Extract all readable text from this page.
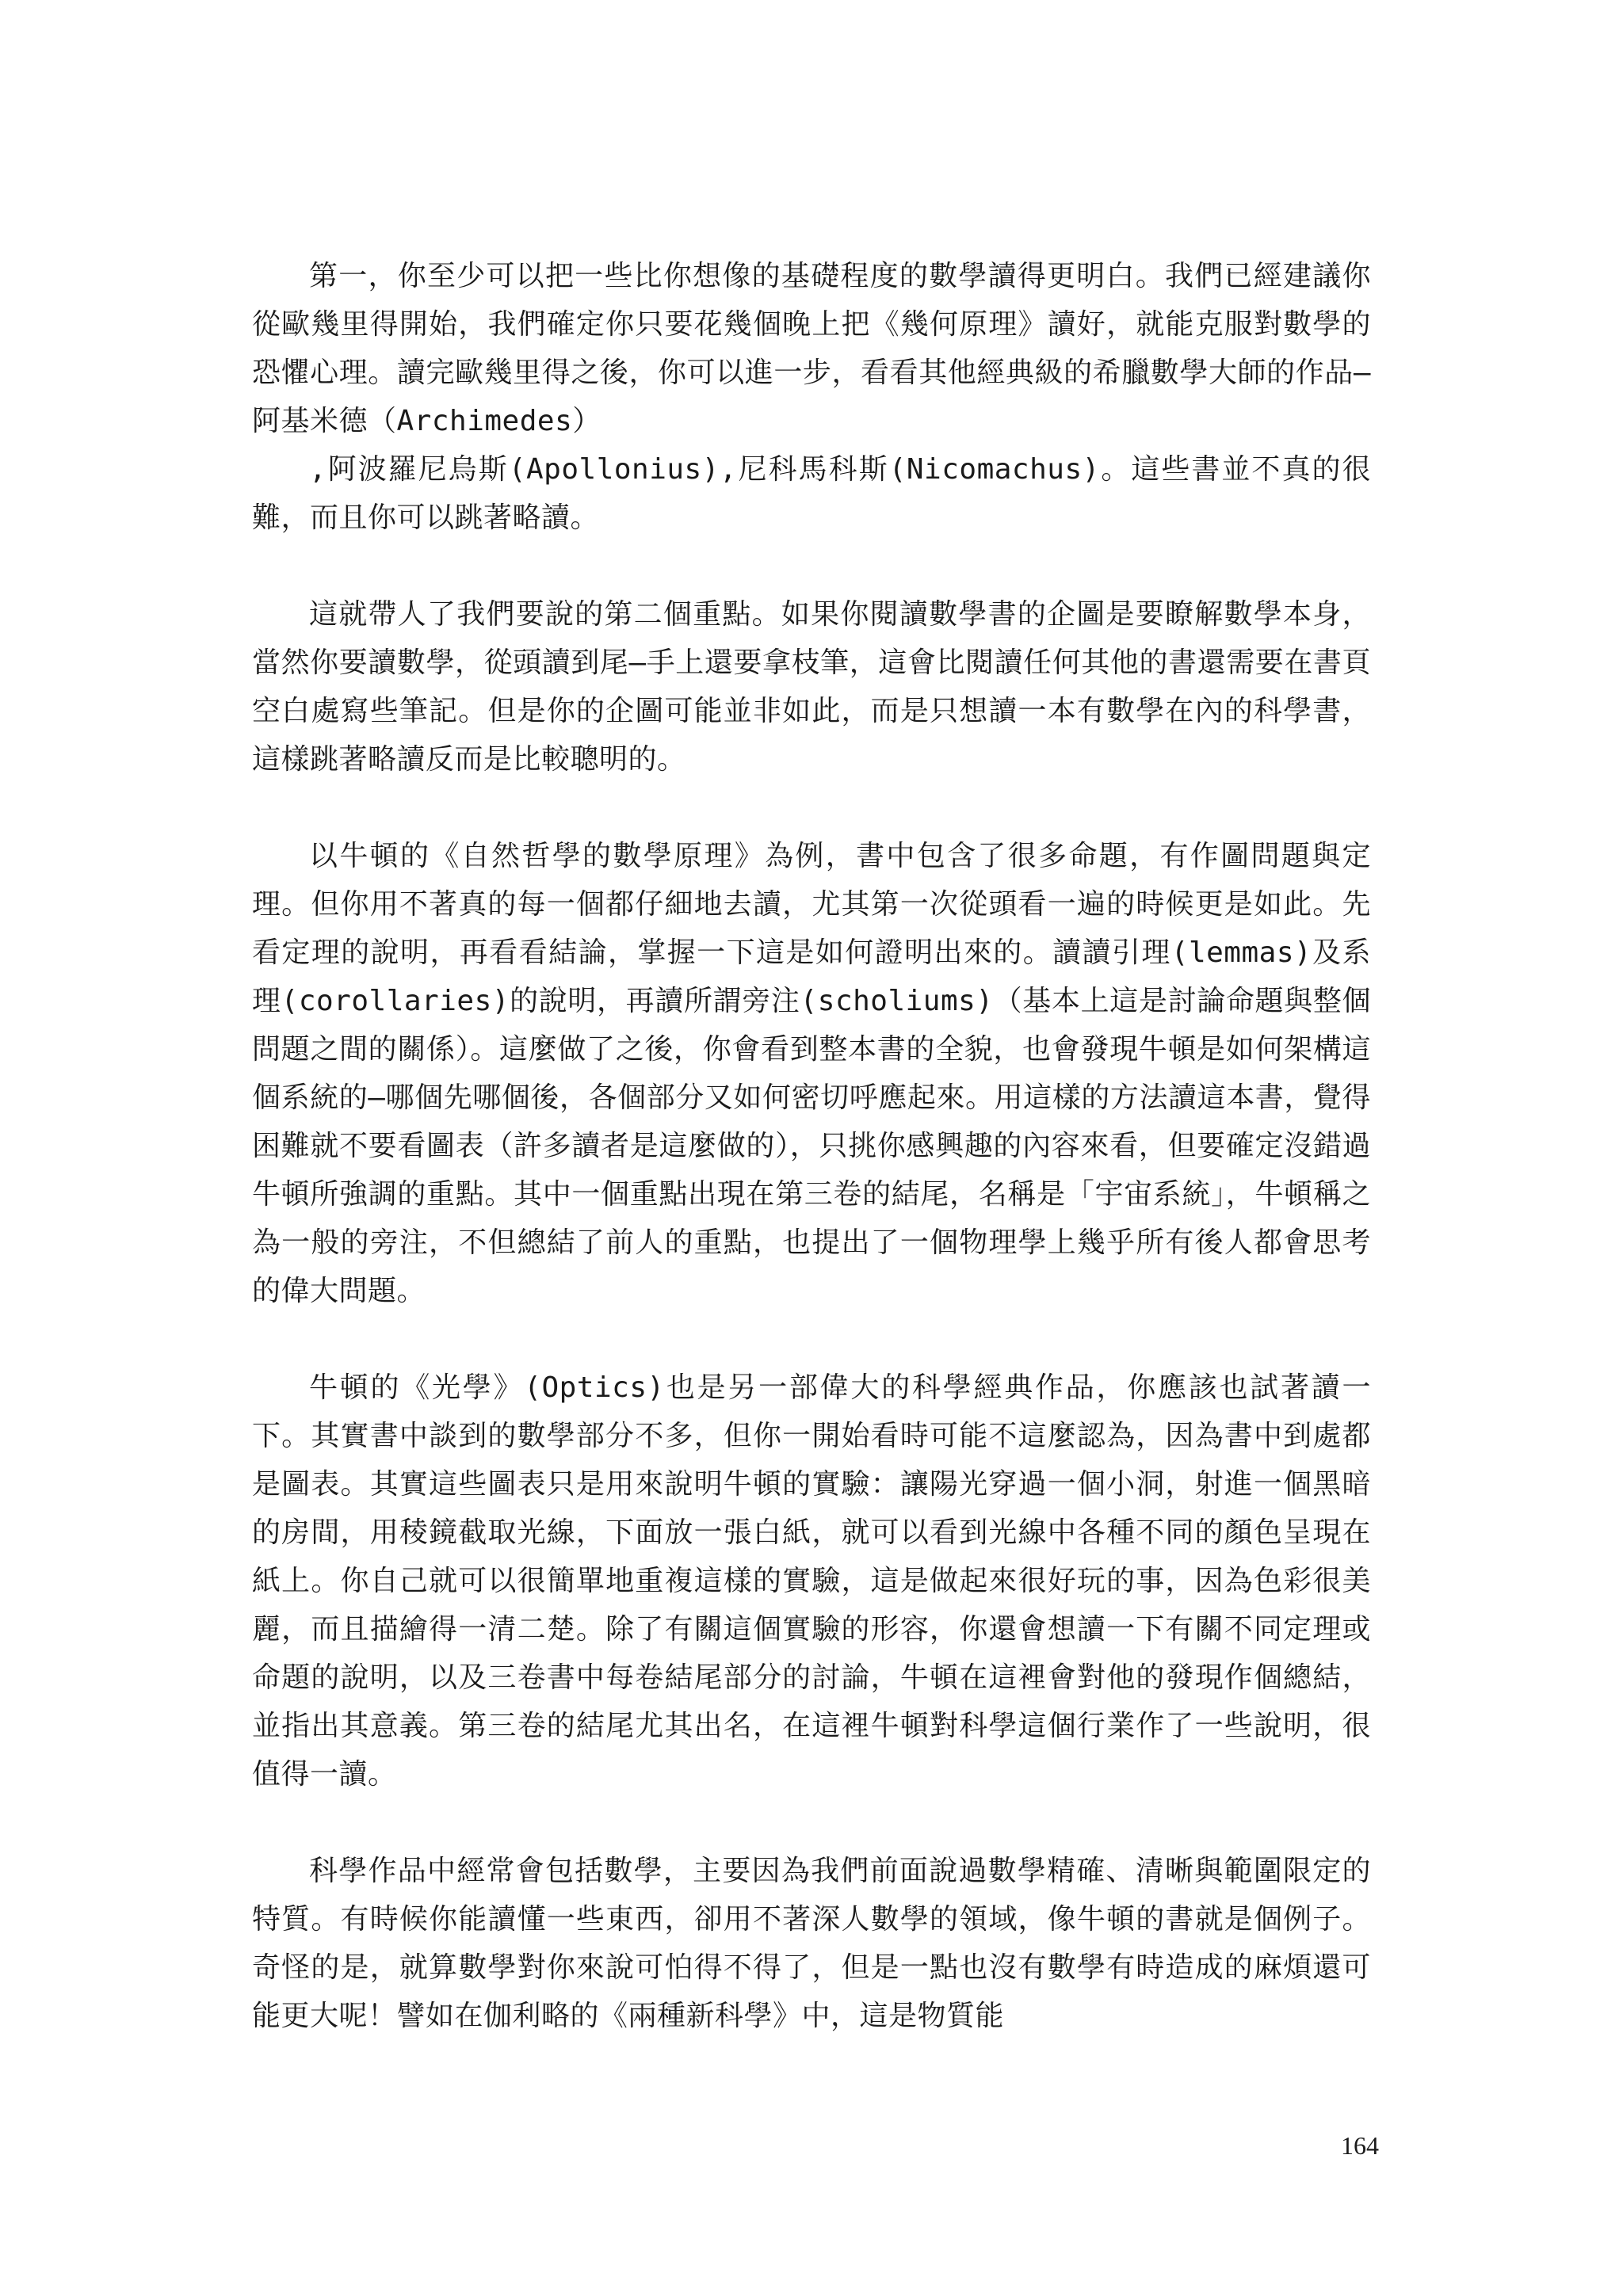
第一，你至少可以把一些比你想像的基礎程度的數學讀得更明白。我們已經建議你從歐幾里得開始，我們確定你只要花幾個晚上把《幾何原理》讀好，就能克服對數學的恐懼心理。讀完歐幾里得之後，你可以進一步，看看其他經典級的希臘數學大師的作品—阿基米德（Archimedes）

,阿波羅尼烏斯(Apollonius),尼科馬科斯(Nicomachus)。這些書並不真的很難，而且你可以跳著略讀。

這就帶人了我們要說的第二個重點。如果你閱讀數學書的企圖是要瞭解數學本身，當然你要讀數學，從頭讀到尾—手上還要拿枝筆，這會比閱讀任何其他的書還需要在書頁空白處寫些筆記。但是你的企圖可能並非如此，而是只想讀一本有數學在內的科學書，這樣跳著略讀反而是比較聰明的。

以牛頓的《自然哲學的數學原理》為例，書中包含了很多命題，有作圖問題與定理。但你用不著真的每一個都仔細地去讀，尤其第一次從頭看一遍的時候更是如此。先看定理的說明，再看看結論，掌握一下這是如何證明出來的。讀讀引理(lemmas)及系理(corollaries)的說明，再讀所謂旁注(scholiums)（基本上這是討論命題與整個問題之間的關係）。這麼做了之後，你會看到整本書的全貌，也會發現牛頓是如何架構這個系統的—哪個先哪個後，各個部分又如何密切呼應起來。用這樣的方法讀這本書，覺得困難就不要看圖表（許多讀者是這麼做的），只挑你感興趣的內容來看，但要確定沒錯過牛頓所強調的重點。其中一個重點出現在第三卷的結尾，名稱是「宇宙系統」，牛頓稱之為一般的旁注，不但總結了前人的重點，也提出了一個物理學上幾乎所有後人都會思考的偉大問題。

牛頓的《光學》(Optics)也是另一部偉大的科學經典作品，你應該也試著讀一下。其實書中談到的數學部分不多，但你一開始看時可能不這麼認為，因為書中到處都是圖表。其實這些圖表只是用來說明牛頓的實驗：讓陽光穿過一個小洞，射進一個黑暗的房間，用稜鏡截取光線，下面放一張白紙，就可以看到光線中各種不同的顏色呈現在紙上。你自己就可以很簡單地重複這樣的實驗，這是做起來很好玩的事，因為色彩很美麗，而且描繪得一清二楚。除了有關這個實驗的形容，你還會想讀一下有關不同定理或命題的說明，以及三卷書中每卷結尾部分的討論，牛頓在這裡會對他的發現作個總結，並指出其意義。第三卷的結尾尤其出名，在這裡牛頓對科學這個行業作了一些說明，很值得一讀。

科學作品中經常會包括數學，主要因為我們前面說過數學精確、清晰與範圍限定的特質。有時候你能讀懂一些東西，卻用不著深人數學的領域，像牛頓的書就是個例子。奇怪的是，就算數學對你來說可怕得不得了，但是一點也沒有數學有時造成的麻煩還可能更大呢！譬如在伽利略的《兩種新科學》中，這是物質能

164
